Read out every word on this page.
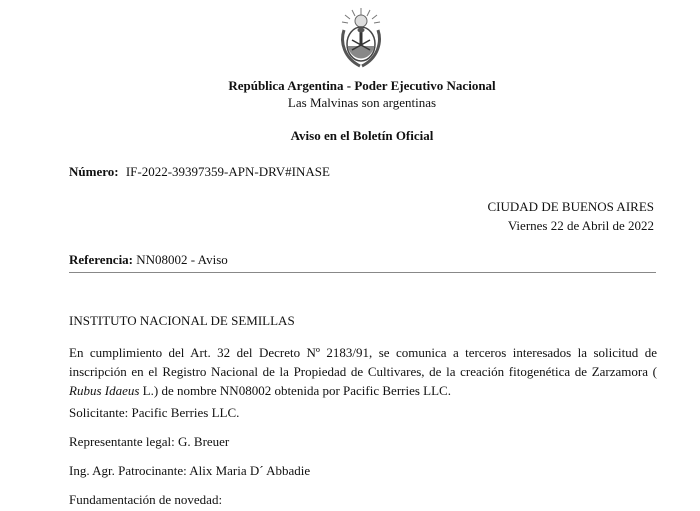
República Argentina - Poder Ejecutivo Nacional
Las Malvinas son argentinas
Aviso en el Boletín Oficial
Número: IF-2022-39397359-APN-DRV#INASE
CIUDAD DE BUENOS AIRES
Viernes 22 de Abril de 2022
Referencia: NN08002 - Aviso
INSTITUTO NACIONAL DE SEMILLAS
En cumplimiento del Art. 32 del Decreto Nº 2183/91, se comunica a terceros interesados la solicitud de inscripción en el Registro Nacional de la Propiedad de Cultivares, de la creación fitogenética de Zarzamora ( Rubus Idaeus L.) de nombre NN08002 obtenida por Pacific Berries LLC.
Solicitante: Pacific Berries LLC.
Representante legal: G. Breuer
Ing. Agr. Patrocinante: Alix Maria D´ Abbadie
Fundamentación de novedad:
